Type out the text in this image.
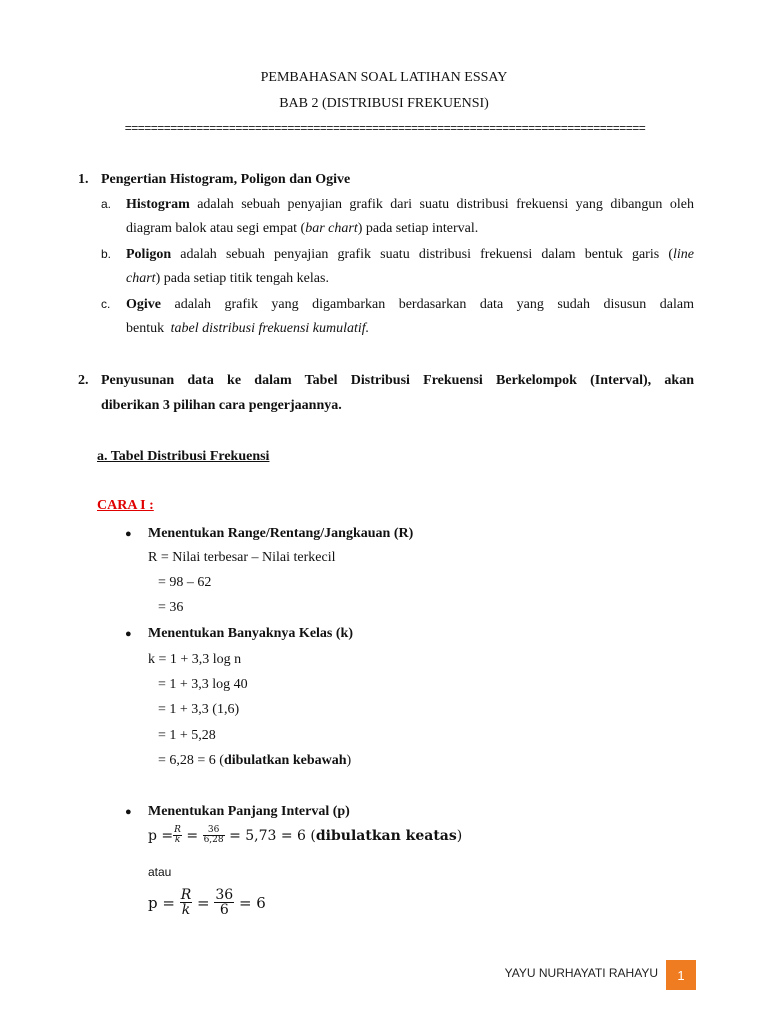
PEMBAHASAN SOAL LATIHAN ESSAY
BAB 2 (DISTRIBUSI FREKUENSI)
================================================================================
1. Pengertian Histogram, Poligon dan Ogive
a. Histogram adalah sebuah penyajian grafik dari suatu distribusi frekuensi yang dibangun oleh
diagram balok atau segi empat (bar chart) pada setiap interval.
b. Poligon adalah sebuah penyajian grafik suatu distribusi frekuensi dalam bentuk garis (line
chart) pada setiap titik tengah kelas.
c. Ogive adalah grafik yang digambarkan berdasarkan data yang sudah disusun dalam
bentuk tabel distribusi frekuensi kumulatif.
2. Penyusunan data ke dalam Tabel Distribusi Frekuensi Berkelompok (Interval), akan
diberikan 3 pilihan cara pengerjaannya.
a. Tabel Distribusi Frekuensi
CARA I :
● Menentukan Range/Rentang/Jangkauan (R)
R = Nilai terbesar – Nilai terkecil
= 98 – 62
= 36
● Menentukan Banyaknya Kelas (k)
k = 1 + 3,3 log n
= 1 + 3,3 log 40
= 1 + 3,3 (1,6)
= 1 + 5,28
= 6,28 = 6 (dibulatkan kebawah)
● Menentukan Panjang Interval (p)
$p = \frac{R}{k} = \frac{36}{6,28} = 5,73 = 6$ ( dibulatkan keatas )
atau
$p = \frac{R}{k} = \frac{36}{6} = 6$
YAYU NURHAYATI RAHAYU	1
